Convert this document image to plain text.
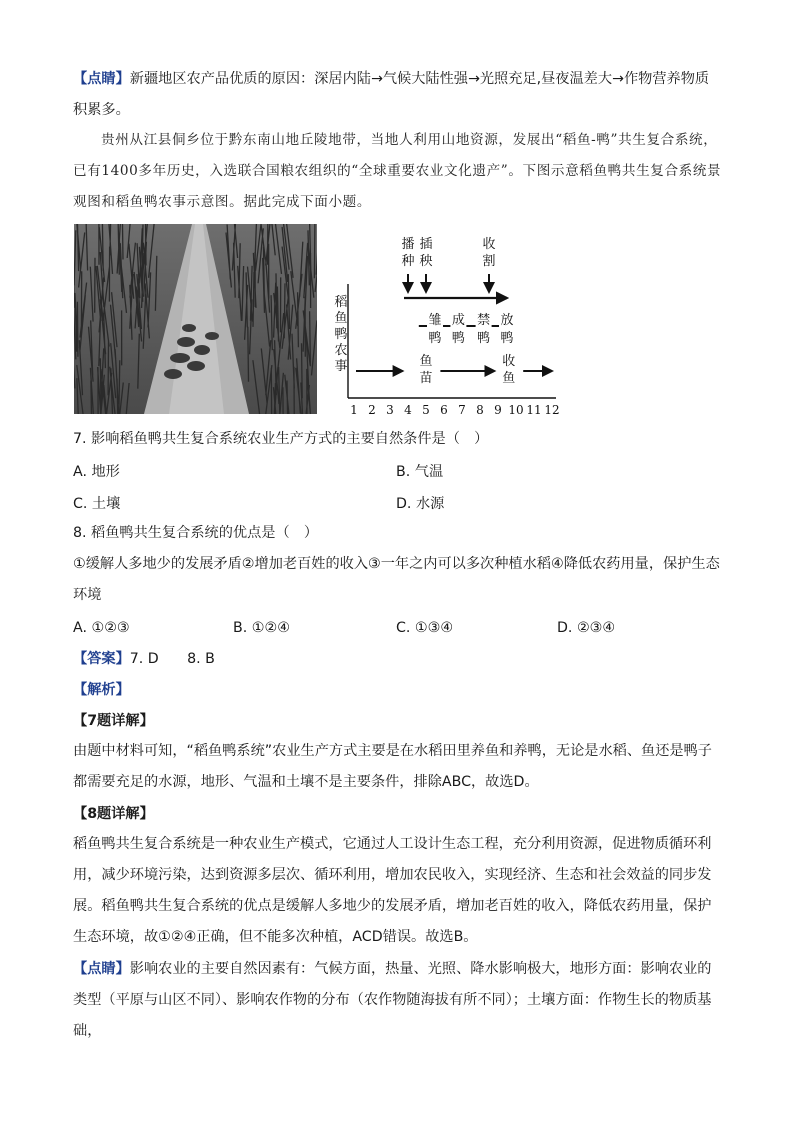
【点睛】新疆地区农产品优质的原因：深居内陆→气候大陆性强→光照充足,昼夜温差大→作物营养物质积累多。

贵州从江县侗乡位于黔东南山地丘陵地带，当地人利用山地资源，发展出“稻鱼-鸭”共生复合系统，已有1400多年历史，入选联合国粮农组织的“全球重要农业文化遗产”。下图示意稻鱼鸭共生复合系统景观图和稻鱼鸭农事示意图。据此完成下面小题。

1 2 3 4 5 6 7 8 9 10 11 12
稻
鱼
鸭
农
事
播
种
插
秧
收
割
雏
鸭
成
鸭
禁
鸭
放
鸭
鱼
苗
收
鱼

7. 影响稻鱼鸭共生复合系统农业生产方式的主要自然条件是（　）

A. 地形	B. 气温
C. 土壤	D. 水源

8. 稻鱼鸭共生复合系统的优点是（　）

①缓解人多地少的发展矛盾②增加老百姓的收入③一年之内可以多次种植水稻④降低农药用量，保护生态环境

A. ①②③	B. ①②④	C. ①③④	D. ②③④
【答案】7. D　　8. B
【解析】
【7题详解】

由题中材料可知，“稻鱼鸭系统”农业生产方式主要是在水稻田里养鱼和养鸭，无论是水稻、鱼还是鸭子都需要充足的水源，地形、气温和土壤不是主要条件，排除ABC，故选D。

【8题详解】

稻鱼鸭共生复合系统是一种农业生产模式，它通过人工设计生态工程，充分利用资源，促进物质循环利用，减少环境污染，达到资源多层次、循环利用，增加农民收入，实现经济、生态和社会效益的同步发展。稻鱼鸭共生复合系统的优点是缓解人多地少的发展矛盾，增加老百姓的收入，降低农药用量，保护生态环境，故①②④正确，但不能多次种植，ACD错误。故选B。

【点睛】影响农业的主要自然因素有：气候方面，热量、光照、降水影响极大，地形方面：影响农业的类型（平原与山区不同）、影响农作物的分布（农作物随海拔有所不同）；土壤方面：作物生长的物质基础，
